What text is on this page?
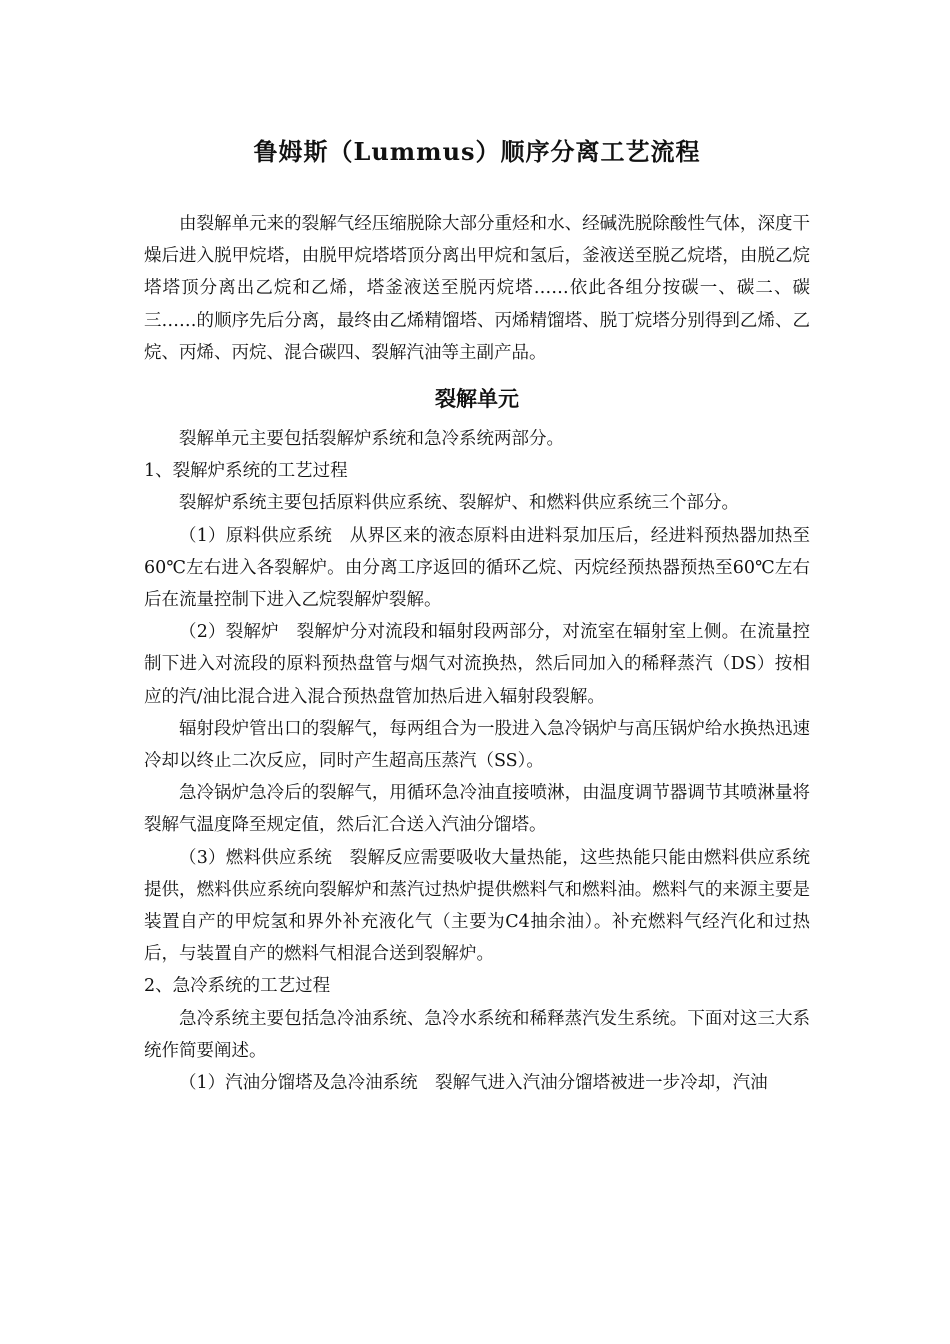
鲁姆斯（Lummus）顺序分离工艺流程

由裂解单元来的裂解气经压缩脱除大部分重烃和水、经碱洗脱除酸性气体，深度干燥后进入脱甲烷塔，由脱甲烷塔塔顶分离出甲烷和氢后，釜液送至脱乙烷塔，由脱乙烷塔塔顶分离出乙烷和乙烯，塔釜液送至脱丙烷塔……依此各组分按碳一、碳二、碳三……的顺序先后分离，最终由乙烯精馏塔、丙烯精馏塔、脱丁烷塔分别得到乙烯、乙烷、丙烯、丙烷、混合碳四、裂解汽油等主副产品。

裂解单元

裂解单元主要包括裂解炉系统和急冷系统两部分。

1、裂解炉系统的工艺过程

裂解炉系统主要包括原料供应系统、裂解炉、和燃料供应系统三个部分。

（1）原料供应系统　从界区来的液态原料由进料泵加压后，经进料预热器加热至60℃左右进入各裂解炉。由分离工序返回的循环乙烷、丙烷经预热器预热至60℃左右后在流量控制下进入乙烷裂解炉裂解。

（2）裂解炉　裂解炉分对流段和辐射段两部分，对流室在辐射室上侧。在流量控制下进入对流段的原料预热盘管与烟气对流换热，然后同加入的稀释蒸汽（DS）按相应的汽/油比混合进入混合预热盘管加热后进入辐射段裂解。

辐射段炉管出口的裂解气，每两组合为一股进入急冷锅炉与高压锅炉给水换热迅速冷却以终止二次反应，同时产生超高压蒸汽（SS）。

急冷锅炉急冷后的裂解气，用循环急冷油直接喷淋，由温度调节器调节其喷淋量将裂解气温度降至规定值，然后汇合送入汽油分馏塔。

（3）燃料供应系统　裂解反应需要吸收大量热能，这些热能只能由燃料供应系统提供，燃料供应系统向裂解炉和蒸汽过热炉提供燃料气和燃料油。燃料气的来源主要是装置自产的甲烷氢和界外补充液化气（主要为C4抽余油）。补充燃料气经汽化和过热后，与装置自产的燃料气相混合送到裂解炉。

2、急冷系统的工艺过程

急冷系统主要包括急冷油系统、急冷水系统和稀释蒸汽发生系统。下面对这三大系统作简要阐述。

（1）汽油分馏塔及急冷油系统　裂解气进入汽油分馏塔被进一步冷却，汽油
